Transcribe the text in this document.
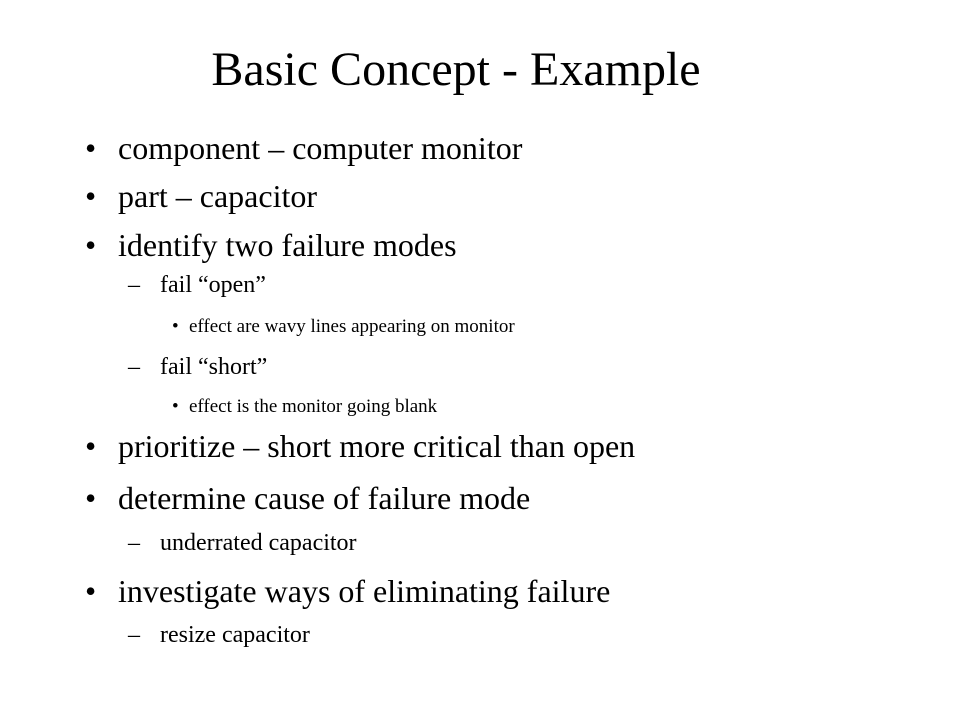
Basic Concept - Example
• component – computer monitor
• part – capacitor
• identify two failure modes
– fail “open”
• effect are wavy lines appearing on monitor
– fail “short”
• effect is the monitor going blank
• prioritize – short more critical than open
• determine cause of failure mode
– underrated capacitor
• investigate ways of eliminating failure
– resize capacitor
